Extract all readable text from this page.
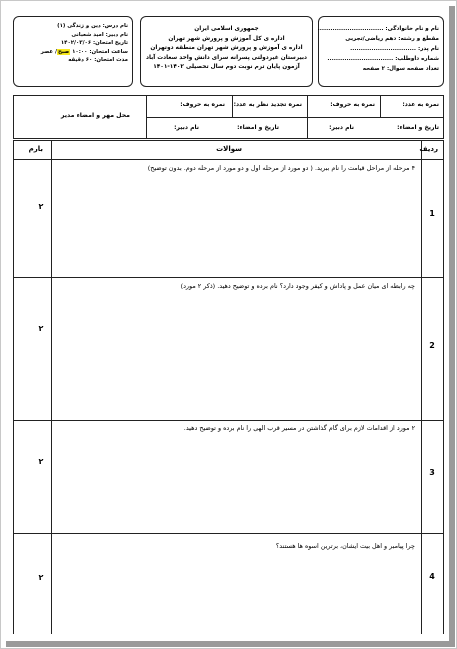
نام و نام خانوادگی: ...............................
مقطع و رشته: دهم ریاضی/تجربی
نام پدر: ...............................
شماره داوطلب: ...............................
تعداد صفحه سوال: ۲ صفحه
جمهوری اسلامی ایران
اداره ی کل آموزش و پرورش شهر تهران
اداره ی آموزش و پرورش شهر تهران منطقه دوتهران
دبیرستان غیردولتی پسرانه سرای دانش واحد سعادت آباد
آزمون پایان ترم نوبت دوم سال تحصیلی ۱۴۰۲-۱۴۰۱
نام درس: دین و زندگی (۱)
نام دبیر: امید شعبانی
تاریخ امتحان: ۱۴۰۲/۰۳/۰۶
ساعت امتحان: ۱۰:۰۰ صبح/ عصر
مدت امتحان: ۶۰ دقیقه
نمره به عدد:
نمره به حروف:
نمره تجدید نظر به عدد:
نمره به حروف:
نام دبیر:	تاریخ و امضاء:
نام دبیر:	تاریخ و امضاء:
محل مهر و امضاء مدیر
ردیف
سوالات
بارم
۴ مرحله از مراحل قیامت را نام ببرید. ( دو مورد از مرحله اول و دو مورد از مرحله دوم. بدون توضیح)
1
۲
چه رابطه ای میان عمل و پاداش و کیفر وجود دارد؟ نام برده و توضیح دهید. (ذکر ۲ مورد)
2
۲
۲ مورد از اقدامات لازم برای گام گذاشتن در مسیر قرب الهی را نام برده و توضیح دهید.
3
۲
چرا پیامبر و اهل بیت ایشان، برترین اسوه ها هستند؟
4
۲
